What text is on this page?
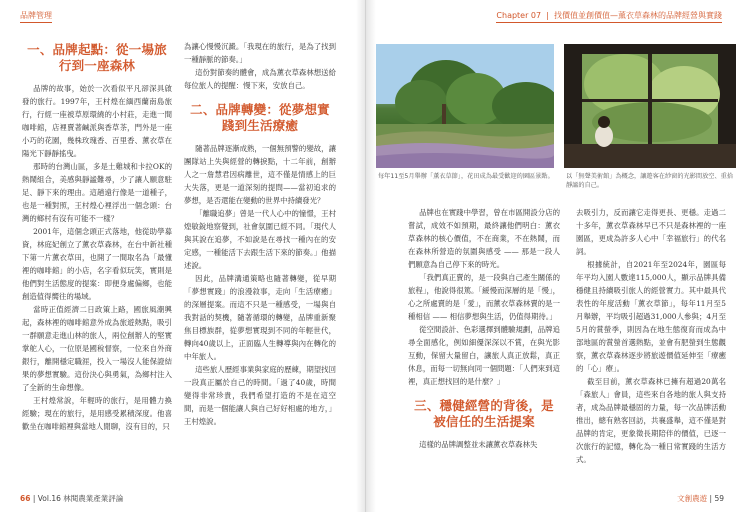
品牌管理
一、品牌起點：從一場旅行到一座森林

品牌的故事，始於一次看似平凡卻深具啟發的旅行。1997年，王村煌在緬西蘭南島旅行，行經一座被草原環繞的小村莊，走進一間咖啡館，店裡賣著鹹派與香草茶，門外是一座小巧的花園，幾株玫瑰香、百里香、薰衣草在陽光下靜靜搖曳。

那時的台灣山區，多是土雞城和卡拉OK的熱鬧組合，美感與靜謐難尋，少了讓人願意駐足、靜下來的理由。這趟遠行像是一道種子，也是一種對照，王村煌心裡浮出一個念頭：台灣的鄉村有沒有可能不一樣？

2001年，這個念頭正式落地，他從助學募資，林庭妃創立了薰衣草森林，在台中新社種下第一片薰衣草田，也開了一間取名為「最懂裡的咖啡館」的小店，名字看似玩笑，實則是他們對生活態度的提案：即便身處偏鄉，也能創造值得嚮往的場域。

當時正值經濟二日政策上路，國旅風潮興起，森林裡的咖啡館意外成為旅遊熱點，吸引一群願意走進山林的旅人，兩位創辦人的堅實掌舵人心，一位原是國稅督察，一位來自外商銀行，離開穩定職涯，投入一場沒人能保證結果的夢想實驗。這份決心與勇氣，為鄉村注入了全新的生命想像。

王村煌常說，年輕時的旅行，是用體力換經驗；現在的旅行，是用感受累積深度。他喜歡坐在咖啡館裡與當地人閒聊，沒有目的，只

為讓心慢慢沉澱。「我現在的旅行，是為了找到一種靜脈的節奏。」

這份對節奏的體會，成為薰衣草森林想送給每位旅人的提醒：慢下來，安放自己。

二、品牌轉變：從夢想實踐到生活療癒

隨著品牌逐漸成熟，一個無預警的變故，讓團隊站上失與經營的轉捩點，十二年前，創辦人之一詹慧君因病離世，這不僅是情感上的巨大失落，更是一道深刻的提問——當初追求的夢想，是否還能在變動的世界中持續發光？

「離職追夢」曾是一代人心中的憧憬，王村煌敏銳地察覺到，社會氛圍已經不同。「現代人與其說在追夢，不如說是在尋找一種內在的安定感，一種能活下去跟生活下來的節奏。」他描述說。

因此，品牌溝通策略也隨著轉變，從早期「夢想實踐」的浪漫敘事，走向「生活療癒」的深層提案。而這不只是一種感受，一場與自我對話的契機，隨著循環的轉變，品牌重新聚焦目標族群，從夢想實現到不同的年輕世代，轉向40歲以上，正面臨人生轉導與內在轉化的中年旅人。

這些旅人歷經事業與家庭的歷練，期望找回一段真正屬於自己的時間。「過了40歲，時間變得非常珍貴，我們希望打造的不是在這空間，而是一個能讓人與自己好好相處的地方，」王村煌說。

66 | Vol.16 林閱農業產業評論
Chapter 07  |  找價值並創價值—薰衣草森林的品牌經營與實踐
每年11至5月舉辦「薰衣草節」，花田成為最受歡迎的園區景點。 以「無聲美術館」為概念，讓遊客在紗窗的光影間放空、重拾靜謐的自己。

品牌也在實踐中學習，曾在市區開設分店的嘗試，成效不如預期，最終讓他們明白：薰衣草森林的核心價值，不在商業，不在熱鬧，而在森林所營造的氛圍與感受 —— 那是一段人們願意為自己停下來的時光。

「我們真正賣的，是一段與自己產生關係的旅程」，他說得很篤。「緩慢而深層的是「慢」，心之所處賣的是「愛」，而薰衣草森林賣的是一種相信 —— 相信夢想與生活，仍值得期待。」

從空間設計、色彩選擇到體驗規劃，品牌追尋全面感化，例如細優深深以不賞，在與光影互動，保留大量留白，讓旅人真正放鬆，真正休息，而每一切無向同一個問題：「人們來到這裡，真正想找回的是什麼？」

三、穩健經營的背後，是被信任的生活提案

這樣的品牌調整並未讓薰衣草森林失

去吸引力，反而讓它走得更長、更穩。走過二十多年，薰衣草森林早已不只是森林裡的一座園區，更成為許多人心中「幸福旅行」的代名詞。

根據統計，自2021年至2024年，園區每年平均入園人數達115,000人，顯示品牌具備穩健且持續吸引旅人的經營實力。其中最具代表性的年度活動「薰衣草節」，每年11月至5月舉辦，平均吸引超過31,000人參與；4月至5月的賞螢季，則因為在地生態復育而成為中部地區的賞螢首選熱點，並會有肥螢到生態觀察，薰衣草森林逐步將旅遊價值延伸至「療癒的「心」療」。

截至目前，薰衣草森林已擁有超過20萬名「森旅人」會員，這些來自各地的旅人與支持者，成為品牌最穩固的力量，每一次品牌活動推出，總有熟客回訪，共襄盛舉，這不僅是對品牌的肯定，更象徵長期陪伴的價值，已逐一次旅行的記憶，轉化為一種日常實踐的生活方式。

文創農遊 | 59
